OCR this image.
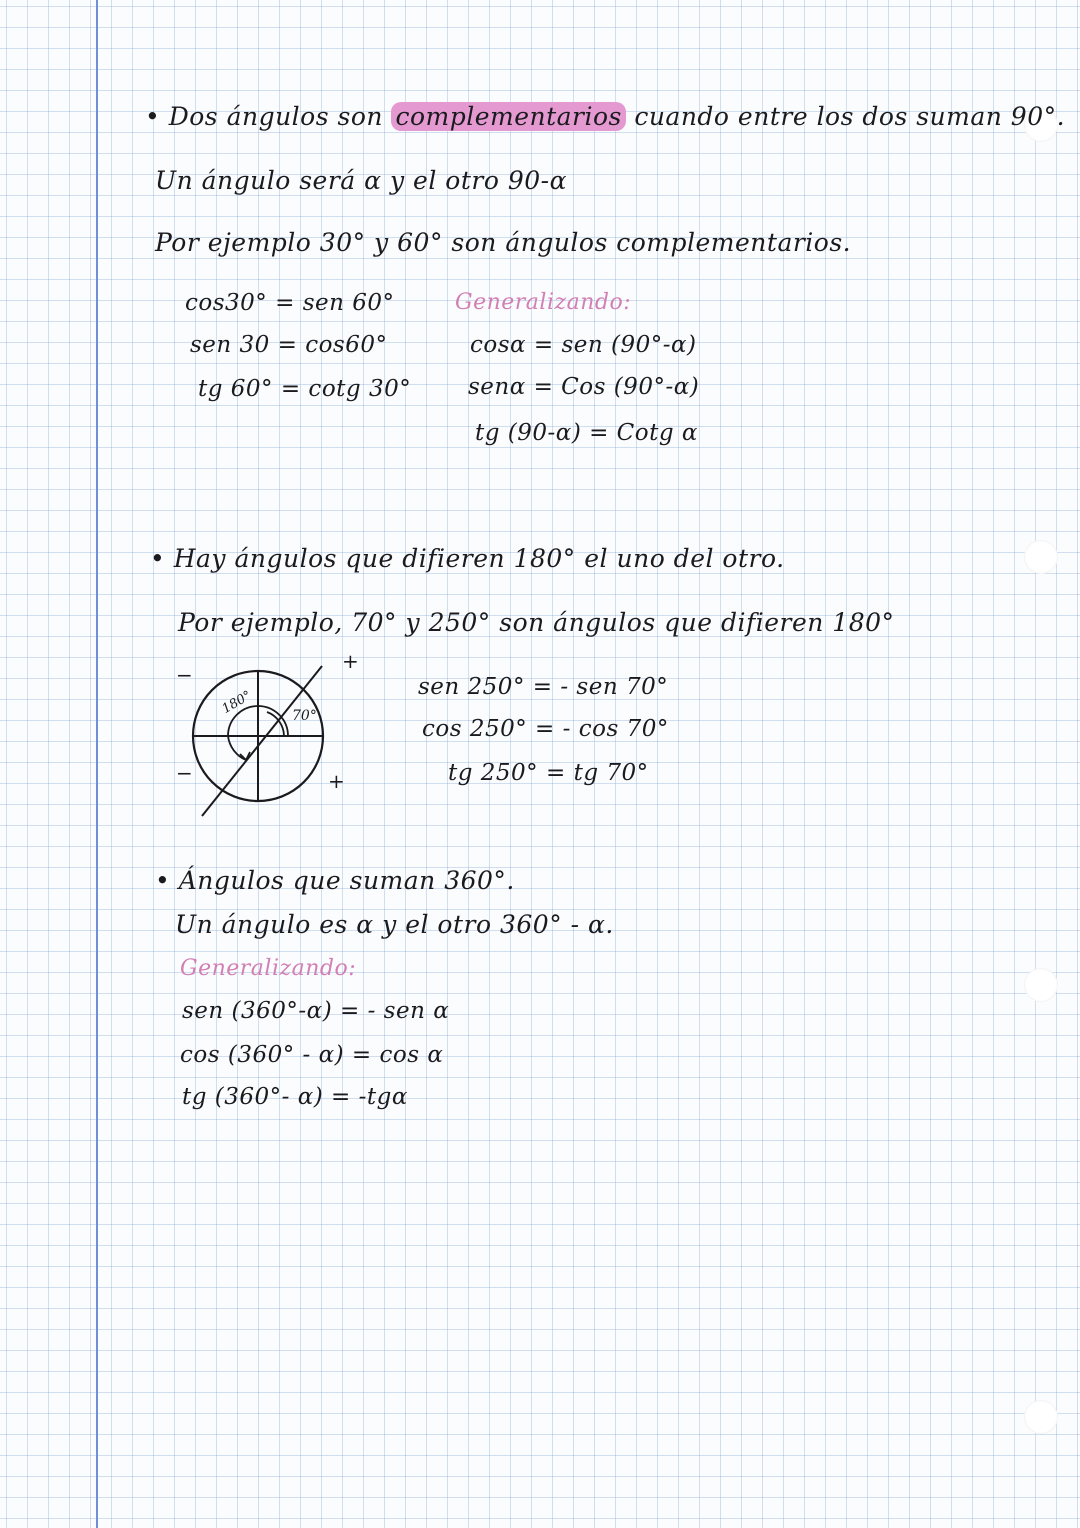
• Dos ángulos son complementarios cuando entre los dos suman 90°.
Un ángulo será α y el otro 90-α
Por ejemplo 30° y 60° son ángulos complementarios.
cos30° = sen 60°
sen 30 = cos60°
tg 60° = cotg 30°
Generalizando:
cosα = sen (90°-α)
senα = Cos (90°-α)
tg (90-α) = Cotg α
• Hay ángulos que difieren 180° el uno del otro.
Por ejemplo, 70° y 250° son ángulos que difieren 180°
180°	70°
−
+
−	+
sen 250° = - sen 70°
cos 250° = - cos 70°
tg 250° = tg 70°
• Ángulos que suman 360°.
Un ángulo es α y el otro 360° - α.
Generalizando:
sen (360°-α) = - sen α
cos (360° - α) = cos α
tg (360°- α) = -tgα
